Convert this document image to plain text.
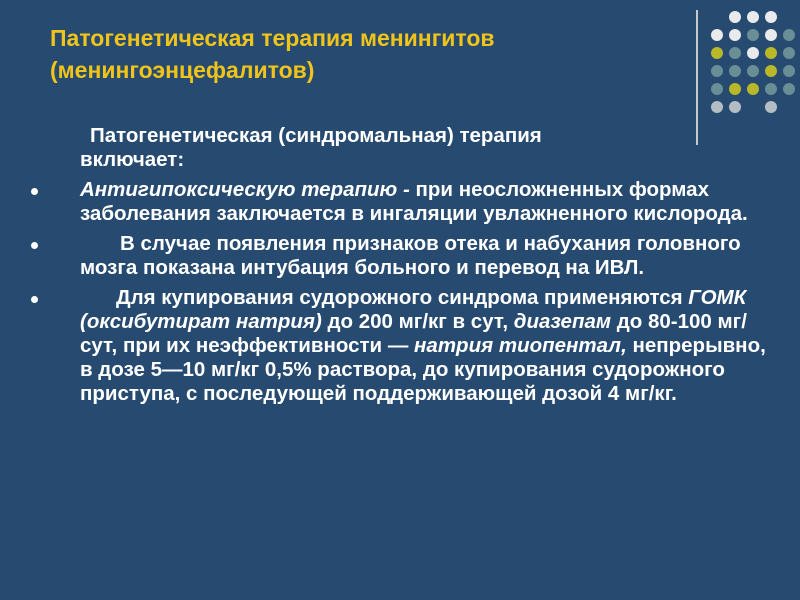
Патогенетическая терапия менингитов
(менингоэнцефалитов)

Патогенетическая (синдромальная) терапия
включает:

Антигипоксическую терапию - при неосложненных формах заболевания заключается в ингаляции увлажненного кислорода.
В случае появления признаков отека и набухания головного мозга показана интубация больного и перевод на ИВЛ.
Для купирования судорожного синдрома применяются ГОМК (оксибутират натрия) до 200 мг/кг в сут, диазепам до 80-100 мг/сут, при их неэффективности — натрия тиопентал, непрерывно, в дозе 5—10 мг/кг 0,5% раствора, до купирования судорожного приступа, с последующей поддерживающей дозой 4 мг/кг.
